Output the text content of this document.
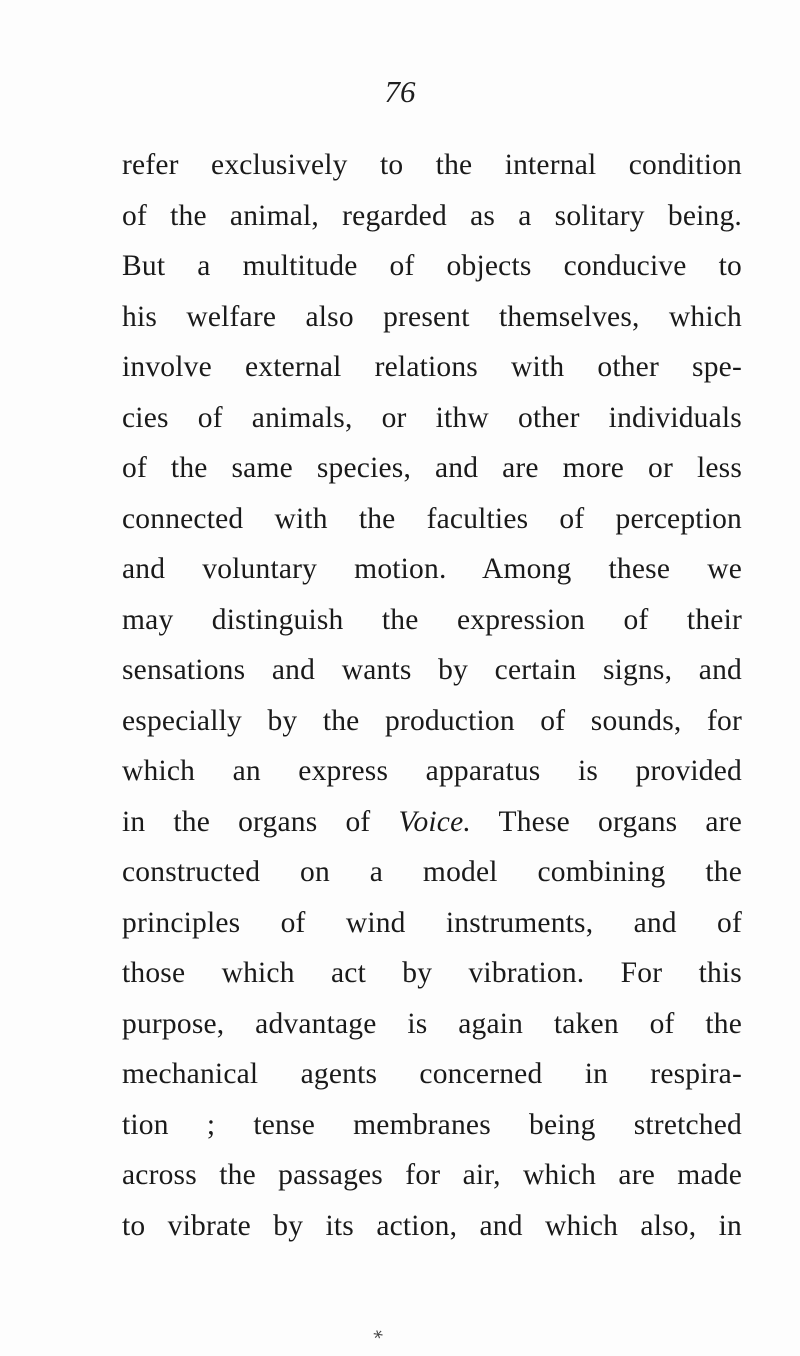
76
refer exclusively to the internal condition
of the animal, regarded as a solitary being.
But a multitude of objects conducive to
his welfare also present themselves, which
involve external relations with other spe-
cies of animals, or ithw other individuals
of the same species, and are more or less
connected with the faculties of perception
and voluntary motion. Among these we
may distinguish the expression of their
sensations and wants by certain signs, and
especially by the production of sounds, for
which an express apparatus is provided
in the organs of Voice. These organs are
constructed on a model combining the
principles of wind instruments, and of
those which act by vibration. For this
purpose, advantage is again taken of the
mechanical agents concerned in respira-
tion ; tense membranes being stretched
across the passages for air, which are made
to vibrate by its action, and which also, in
⁎
